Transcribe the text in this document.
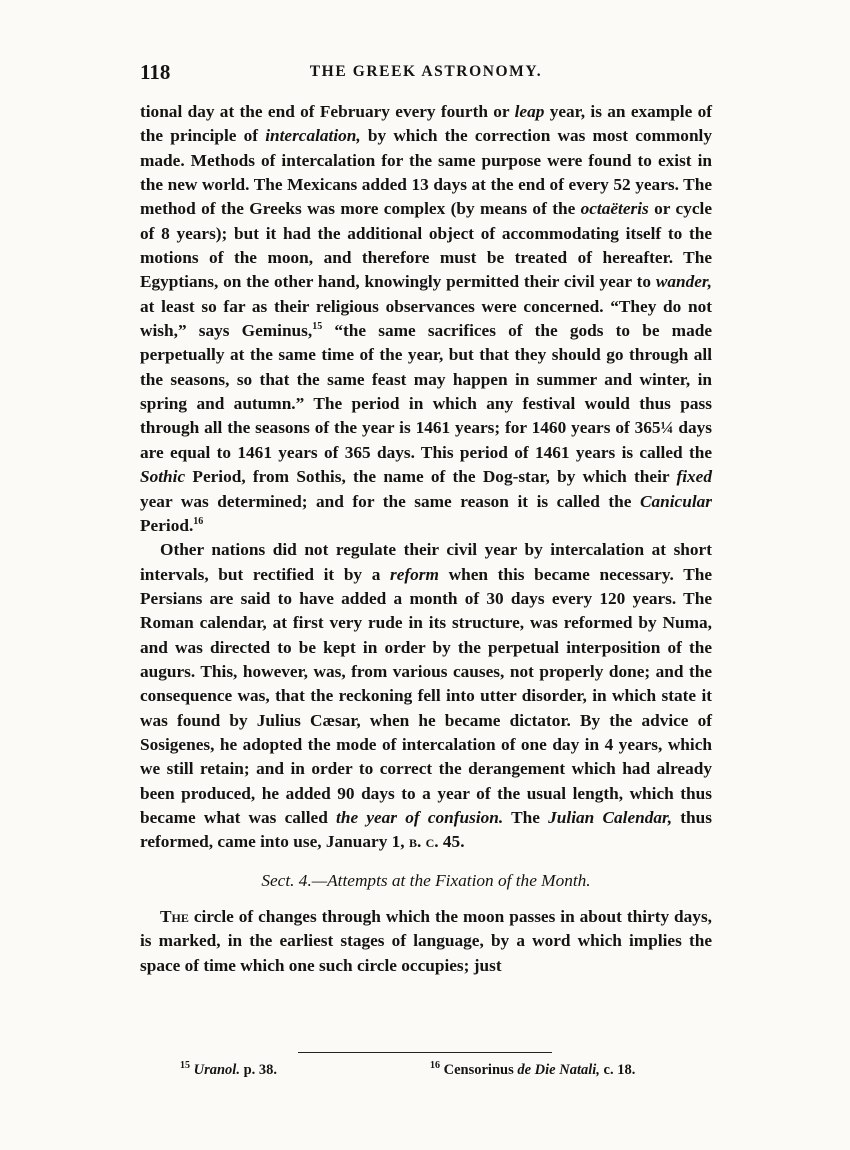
118	THE GREEK ASTRONOMY.

tional day at the end of February every fourth or leap year, is an example of the principle of intercalation, by which the correction was most commonly made. Methods of intercalation for the same purpose were found to exist in the new world. The Mexicans added 13 days at the end of every 52 years. The method of the Greeks was more complex (by means of the octaëteris or cycle of 8 years); but it had the additional object of accommodating itself to the motions of the moon, and therefore must be treated of hereafter. The Egyptians, on the other hand, knowingly permitted their civil year to wander, at least so far as their religious observances were concerned. “They do not wish,” says Geminus,$^{15}$ “the same sacrifices of the gods to be made perpetually at the same time of the year, but that they should go through all the seasons, so that the same feast may happen in summer and winter, in spring and autumn.” The period in which any festival would thus pass through all the seasons of the year is 1461 years; for 1460 years of 365¼ days are equal to 1461 years of 365 days. This period of 1461 years is called the Sothic Period, from Sothis, the name of the Dog-star, by which their fixed year was determined; and for the same reason it is called the Canicular Period.$^{16}$

Other nations did not regulate their civil year by intercalation at short intervals, but rectified it by a reform when this became necessary. The Persians are said to have added a month of 30 days every 120 years. The Roman calendar, at first very rude in its structure, was reformed by Numa, and was directed to be kept in order by the perpetual interposition of the augurs. This, however, was, from various causes, not properly done; and the consequence was, that the reckoning fell into utter disorder, in which state it was found by Julius Cæsar, when he became dictator. By the advice of Sosigenes, he adopted the mode of intercalation of one day in 4 years, which we still retain; and in order to correct the derangement which had already been produced, he added 90 days to a year of the usual length, which thus became what was called the year of confusion. The Julian Calendar, thus reformed, came into use, January 1, b. c. 45.

Sect. 4.—Attempts at the Fixation of the Month.

The circle of changes through which the moon passes in about thirty days, is marked, in the earliest stages of language, by a word which implies the space of time which one such circle occupies; just

$^{15}$ Uranol. p. 38.	$^{16}$ Censorinus de Die Natali, c. 18.
